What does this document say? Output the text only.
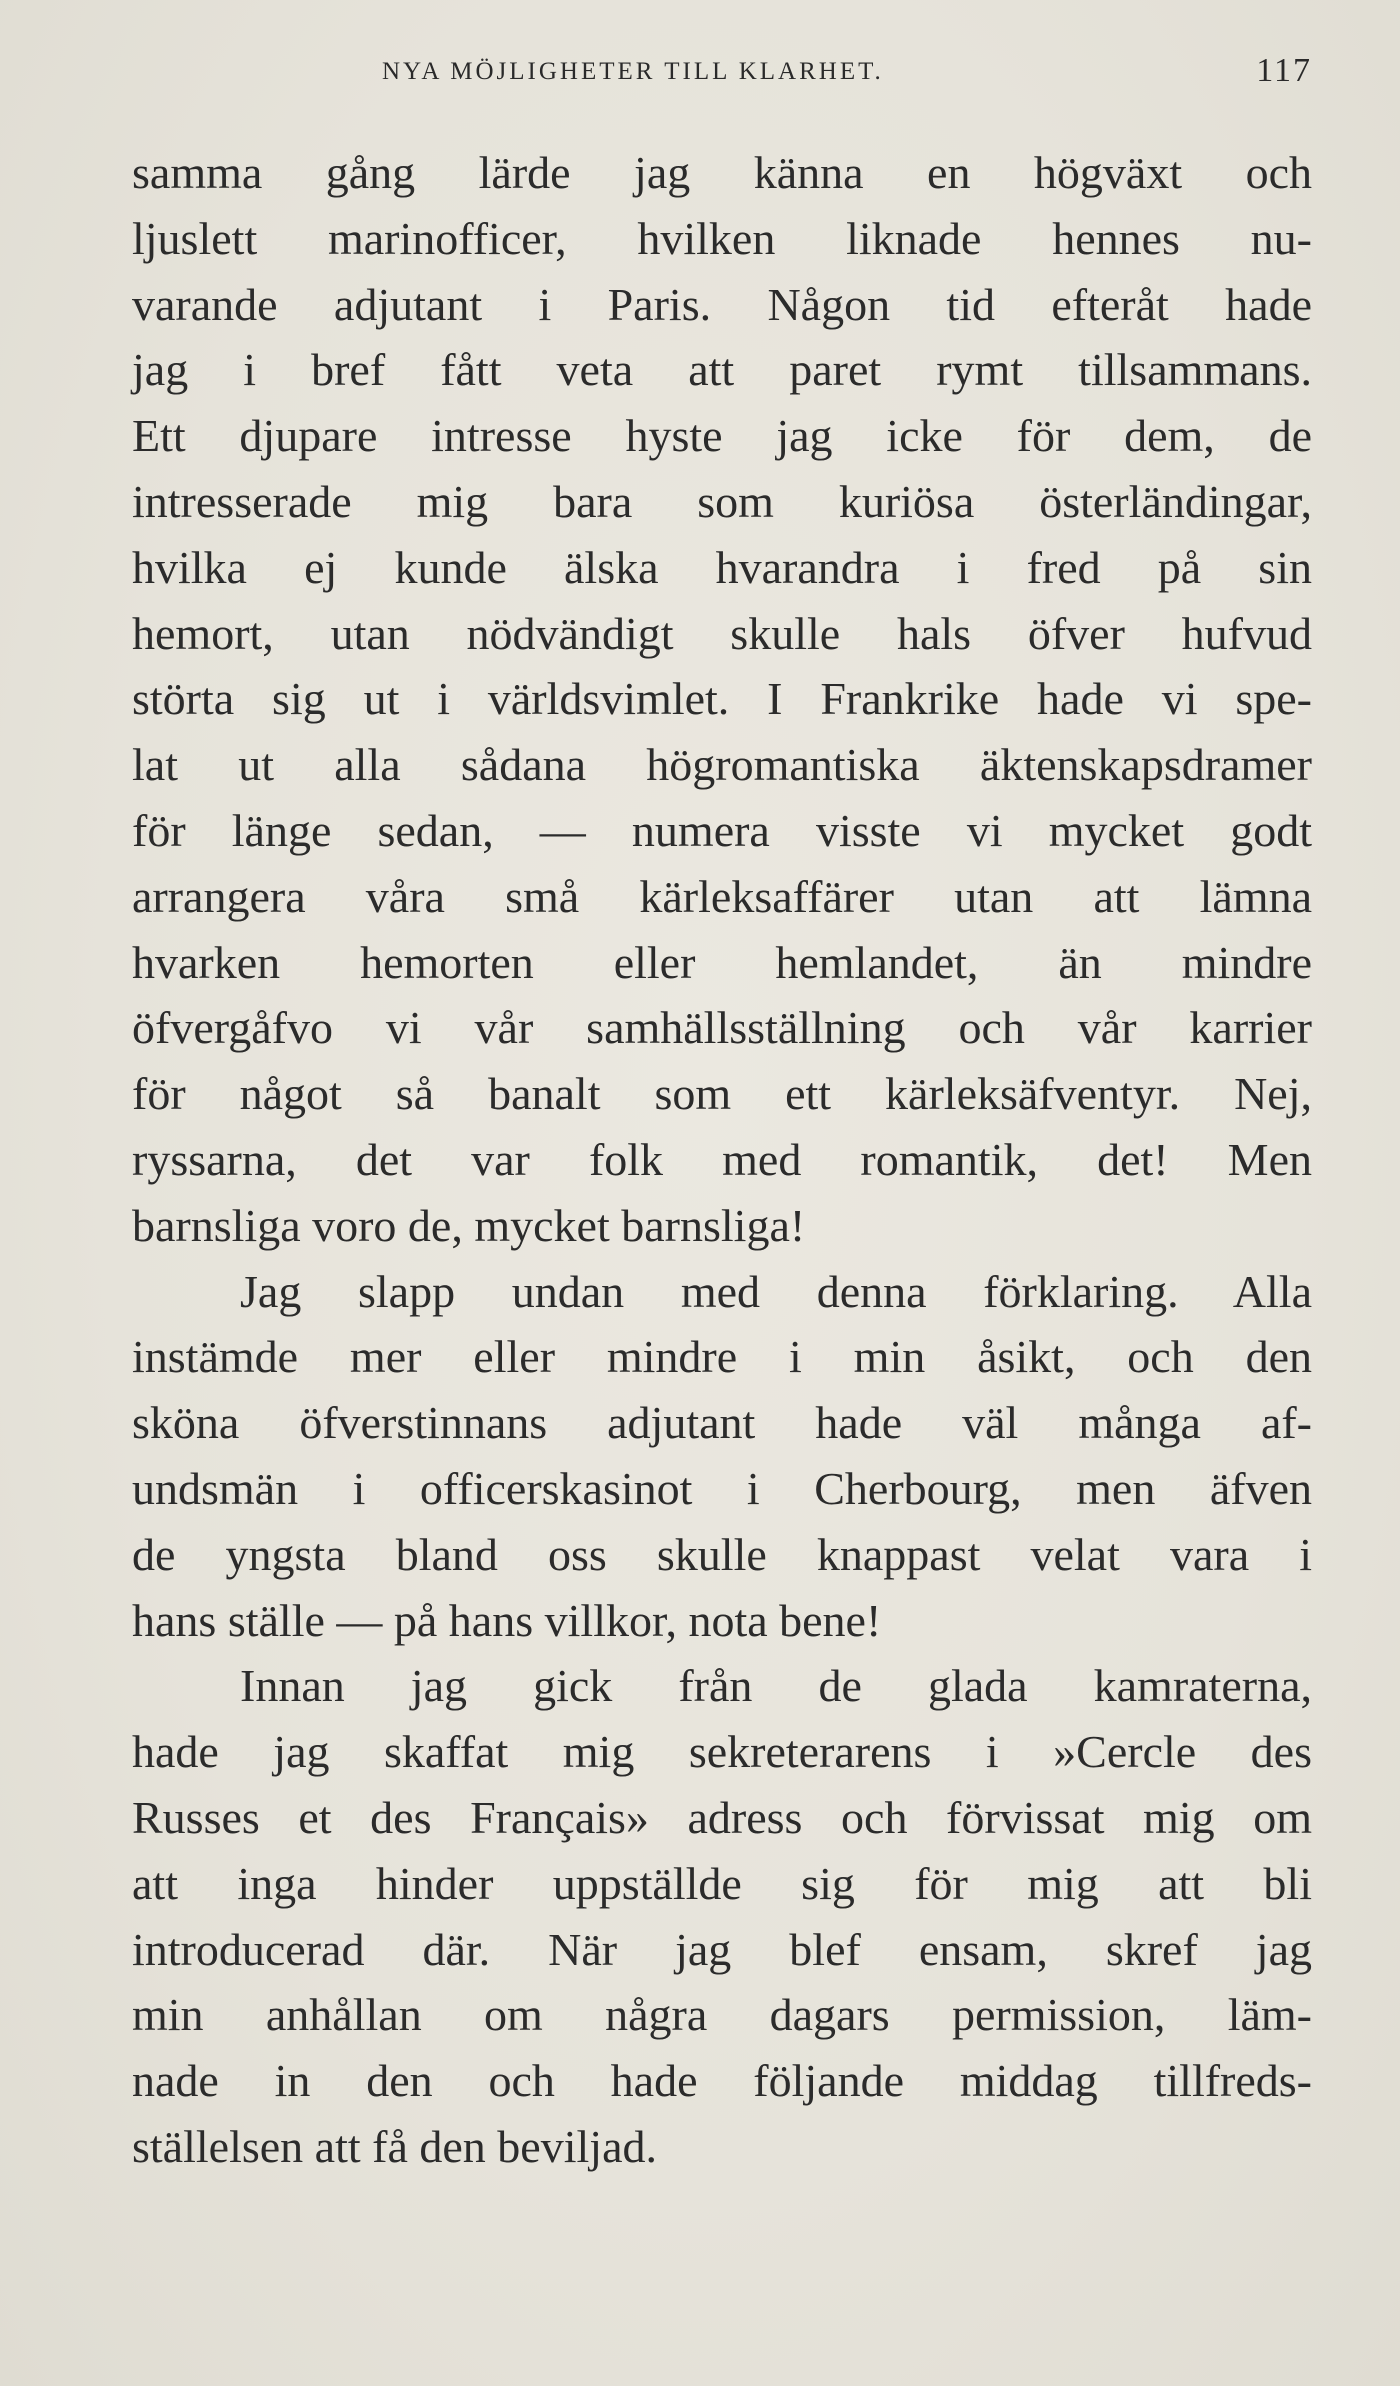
NYA MÖJLIGHETER TILL KLARHET.	117
samma gång lärde jag känna en högväxt och
ljuslett marinofficer, hvilken liknade hennes nu-
varande adjutant i Paris. Någon tid efteråt hade
jag i bref fått veta att paret rymt tillsammans.
Ett djupare intresse hyste jag icke för dem, de
intresserade mig bara som kuriösa österländingar,
hvilka ej kunde älska hvarandra i fred på sin
hemort, utan nödvändigt skulle hals öfver hufvud
störta sig ut i världsvimlet. I Frankrike hade vi spe-
lat ut alla sådana högromantiska äktenskapsdramer
för länge sedan, — numera visste vi mycket godt
arrangera våra små kärleksaffärer utan att lämna
hvarken hemorten eller hemlandet, än mindre
öfvergåfvo vi vår samhällsställning och vår karrier
för något så banalt som ett kärleksäfventyr. Nej,
ryssarna, det var folk med romantik, det! Men
barnsliga voro de, mycket barnsliga!
Jag slapp undan med denna förklaring. Alla
instämde mer eller mindre i min åsikt, och den
sköna öfverstinnans adjutant hade väl många af-
undsmän i officerskasinot i Cherbourg, men äfven
de yngsta bland oss skulle knappast velat vara i
hans ställe — på hans villkor, nota bene!
Innan jag gick från de glada kamraterna,
hade jag skaffat mig sekreterarens i »Cercle des
Russes et des Français» adress och förvissat mig om
att inga hinder uppställde sig för mig att bli
introducerad där. När jag blef ensam, skref jag
min anhållan om några dagars permission, läm-
nade in den och hade följande middag tillfreds-
ställelsen att få den beviljad.
